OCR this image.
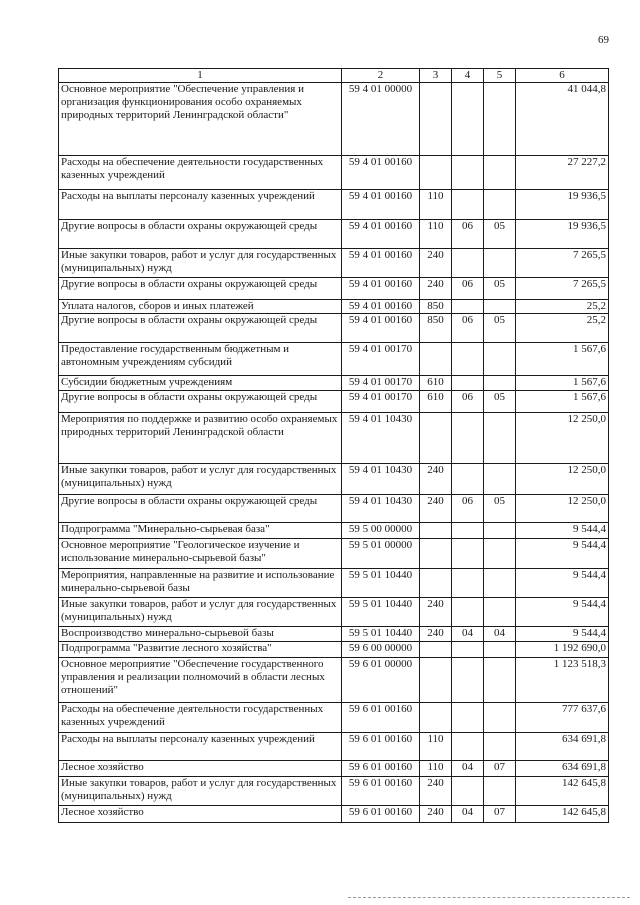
69
1	2	3	4	5	6
Основное мероприятие "Обеспечение управления и организация функционирования особо охраняемых природных территорий Ленинградской области"	59 4 01 00000				41 044,8
Расходы на обеспечение деятельности государственных казенных учреждений	59 4 01 00160				27 227,2
Расходы на выплаты персоналу казенных учреждений	59 4 01 00160	110			19 936,5
Другие вопросы в области охраны окружающей среды	59 4 01 00160	110	06	05	19 936,5
Иные закупки товаров, работ и услуг для государственных (муниципальных) нужд	59 4 01 00160	240			7 265,5
Другие вопросы в области охраны окружающей среды	59 4 01 00160	240	06	05	7 265,5
Уплата налогов, сборов и иных платежей	59 4 01 00160	850			25,2
Другие вопросы в области охраны окружающей среды	59 4 01 00160	850	06	05	25,2
Предоставление государственным бюджетным и автономным учреждениям субсидий	59 4 01 00170				1 567,6
Субсидии бюджетным учреждениям	59 4 01 00170	610			1 567,6
Другие вопросы в области охраны окружающей среды	59 4 01 00170	610	06	05	1 567,6
Мероприятия по поддержке и развитию особо охраняемых природных территорий Ленинградской области	59 4 01 10430				12 250,0
Иные закупки товаров, работ и услуг для государственных (муниципальных) нужд	59 4 01 10430	240			12 250,0
Другие вопросы в области охраны окружающей среды	59 4 01 10430	240	06	05	12 250,0
Подпрограмма "Минерально-сырьевая база"	59 5 00 00000				9 544,4
Основное мероприятие "Геологическое изучение и использование минерально-сырьевой базы"	59 5 01 00000				9 544,4
Мероприятия, направленные на развитие и использование минерально-сырьевой базы	59 5 01 10440				9 544,4
Иные закупки товаров, работ и услуг для государственных (муниципальных) нужд	59 5 01 10440	240			9 544,4
Воспроизводство минерально-сырьевой базы	59 5 01 10440	240	04	04	9 544,4
Подпрограмма "Развитие лесного хозяйства"	59 6 00 00000				1 192 690,0
Основное мероприятие "Обеспечение государственного управления и реализации полномочий в области лесных отношений"	59 6 01 00000				1 123 518,3
Расходы на обеспечение деятельности государственных казенных учреждений	59 6 01 00160				777 637,6
Расходы на выплаты персоналу казенных учреждений	59 6 01 00160	110			634 691,8
Лесное хозяйство	59 6 01 00160	110	04	07	634 691,8
Иные закупки товаров, работ и услуг для государственных (муниципальных) нужд	59 6 01 00160	240			142 645,8
Лесное хозяйство	59 6 01 00160	240	04	07	142 645,8
